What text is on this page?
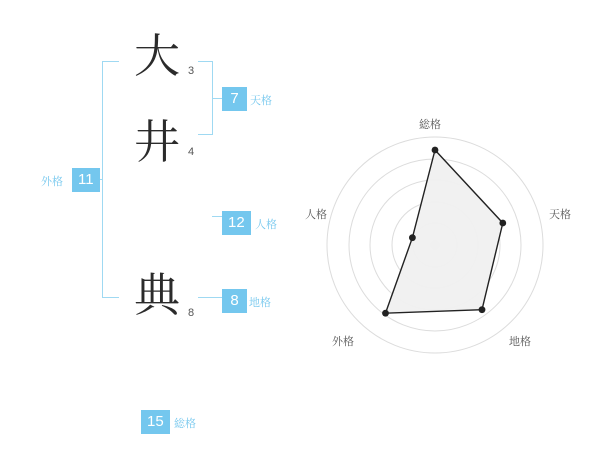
大 3
井 4
典 8
7	天格
12 人格
8 地格
11
外格
15 総格
総格
天格
地格
外格
人格
